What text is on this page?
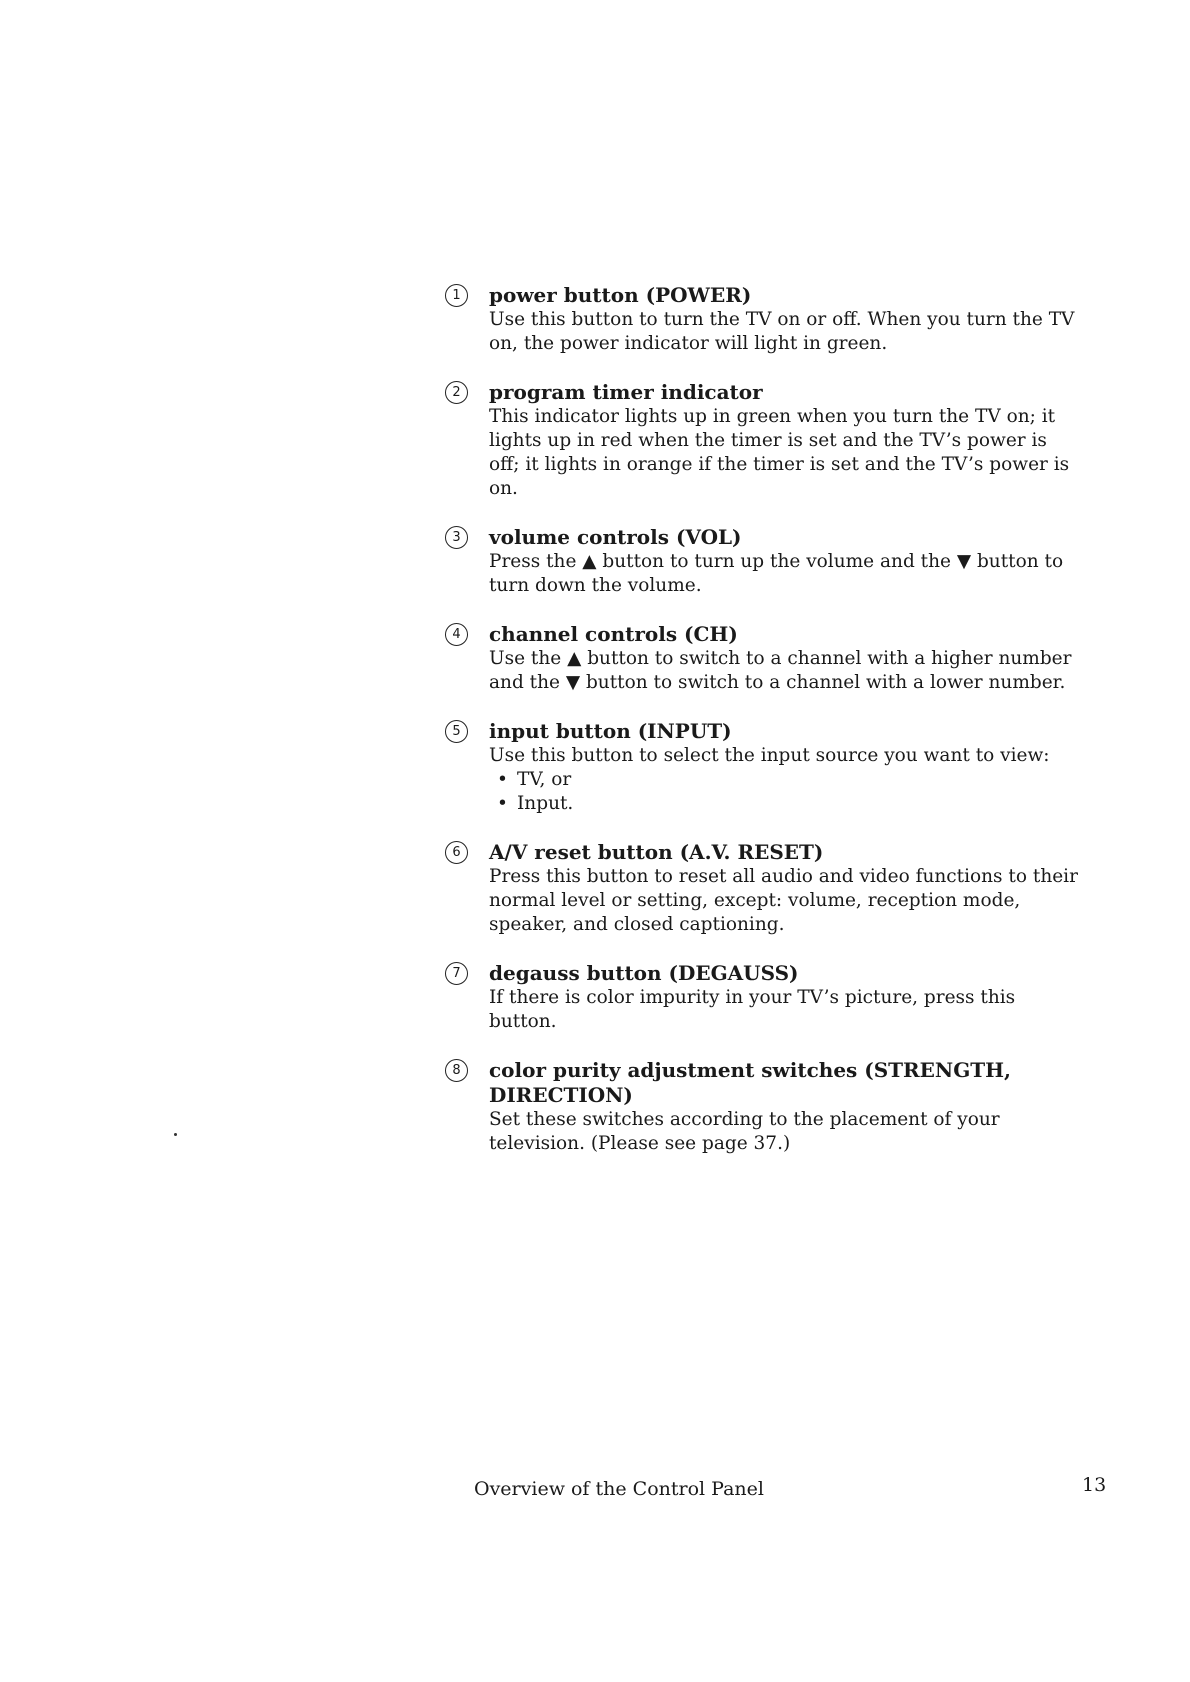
1	power button (POWER)
Use this button to turn the TV on or off. When you turn the TV on, the power indicator will light in green.
2	program timer indicator
This indicator lights up in green when you turn the TV on; it lights up in red when the timer is set and the TV’s power is off; it lights in orange if the timer is set and the TV’s power is on.
3	volume controls (VOL)
Press the ▲ button to turn up the volume and the ▼ button to turn down the volume.
4	channel controls (CH)
Use the ▲ button to switch to a channel with a higher number and the ▼ button to switch to a channel with a lower number.
5	input button (INPUT)
Use this button to select the input source you want to view:
• TV, or
• Input.
6	A/V reset button (A.V. RESET)
Press this button to reset all audio and video functions to their normal level or setting, except: volume, reception mode, speaker, and closed captioning.
7	degauss button (DEGAUSS)
If there is color impurity in your TV’s picture, press this button.
8	color purity adjustment switches (STRENGTH, DIRECTION)
Set these switches according to the placement of your television. (Please see page 37.)
Overview of the Control Panel	13
